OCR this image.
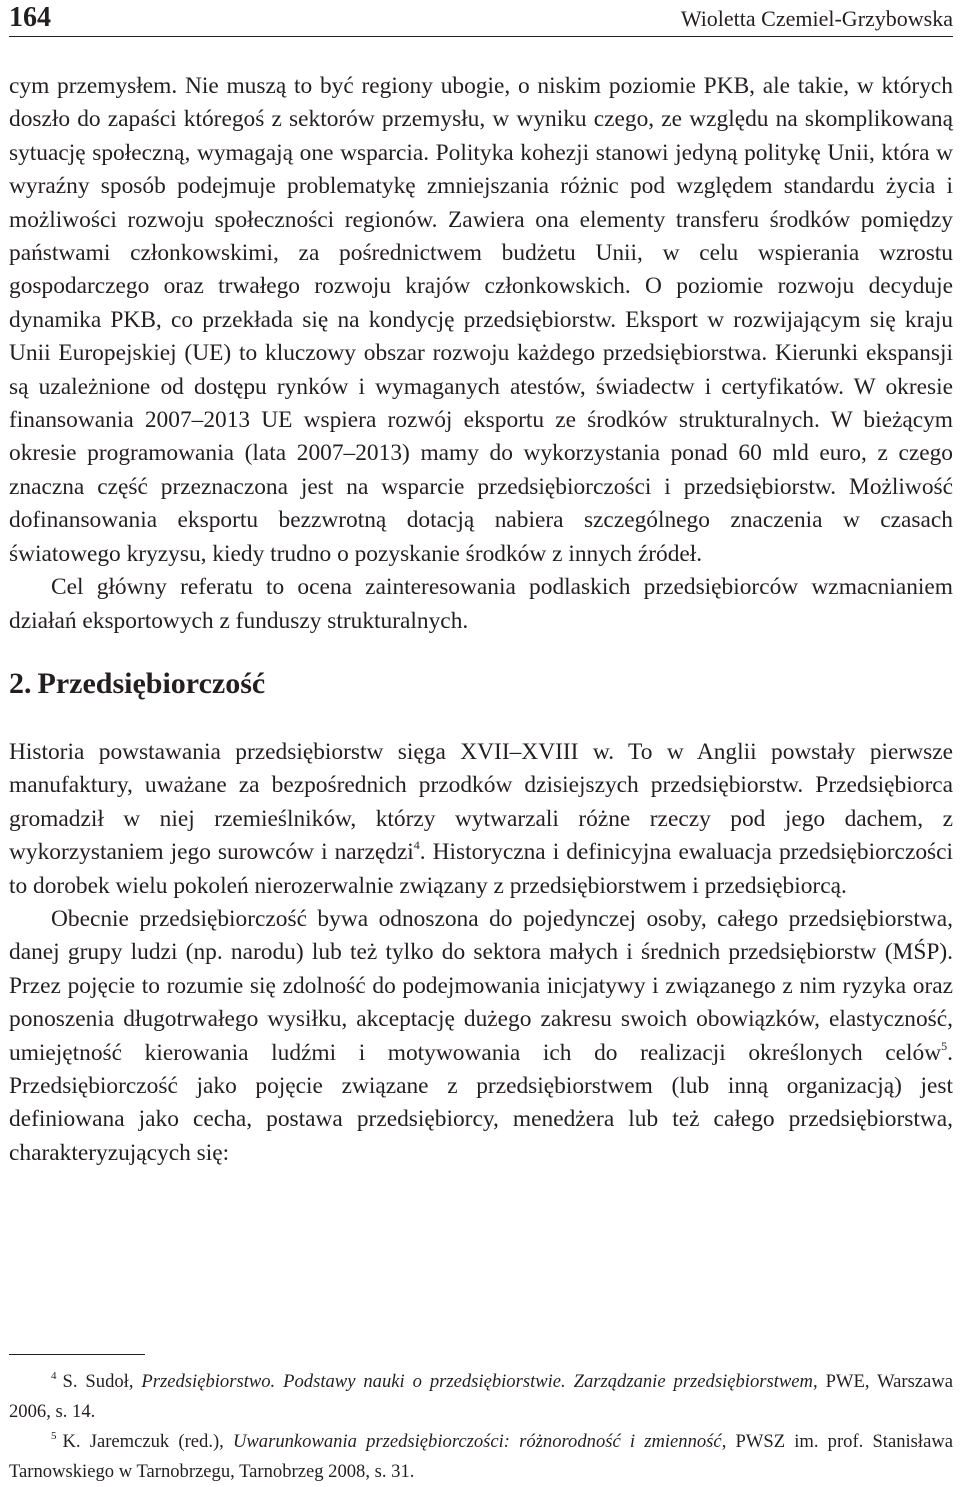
164	Wioletta Czemiel-Grzybowska

cym przemysłem. Nie muszą to być regiony ubogie, o niskim poziomie PKB, ale takie, w których doszło do zapaści któregoś z sektorów przemysłu, w wyniku czego, ze względu na skomplikowaną sytuację społeczną, wymagają one wsparcia. Polityka kohezji stanowi jedyną politykę Unii, która w wyraźny sposób podejmuje problematykę zmniejszania różnic pod względem standardu życia i możliwości rozwoju społeczności regionów. Zawiera ona elementy transferu środków pomiędzy państwami członkowskimi, za pośrednictwem budżetu Unii, w celu wspierania wzrostu gospodarczego oraz trwałego rozwoju krajów członkowskich. O poziomie rozwoju decyduje dynamika PKB, co przekłada się na kondycję przedsiębiorstw. Eksport w rozwijającym się kraju Unii Europejskiej (UE) to kluczowy obszar rozwoju każdego przedsiębiorstwa. Kierunki ekspansji są uzależnione od dostępu rynków i wymaganych atestów, świadectw i certyfikatów. W okresie finansowania 2007–2013 UE wspiera rozwój eksportu ze środków strukturalnych. W bieżącym okresie programowania (lata 2007–2013) mamy do wykorzystania ponad 60 mld euro, z czego znaczna część przeznaczona jest na wsparcie przedsiębiorczości i przedsiębiorstw. Możliwość dofinansowania eksportu bezzwrotną dotacją nabiera szczególnego znaczenia w czasach światowego kryzysu, kiedy trudno o pozyskanie środków z innych źródeł.

Cel główny referatu to ocena zainteresowania podlaskich przedsiębiorców wzmacnianiem działań eksportowych z funduszy strukturalnych.

2. Przedsiębiorczość

Historia powstawania przedsiębiorstw sięga XVII–XVIII w. To w Anglii powstały pierwsze manufaktury, uważane za bezpośrednich przodków dzisiejszych przedsiębiorstw. Przedsiębiorca gromadził w niej rzemieślników, którzy wytwarzali różne rzeczy pod jego dachem, z wykorzystaniem jego surowców i narzędzi$^4$. Historyczna i definicyjna ewaluacja przedsiębiorczości to dorobek wielu pokoleń nierozerwalnie związany z przedsiębiorstwem i przedsiębiorcą.

Obecnie przedsiębiorczość bywa odnoszona do pojedynczej osoby, całego przedsiębiorstwa, danej grupy ludzi (np. narodu) lub też tylko do sektora małych i średnich przedsiębiorstw (MŚP). Przez pojęcie to rozumie się zdolność do podejmowania inicjatywy i związanego z nim ryzyka oraz ponoszenia długotrwałego wysiłku, akceptację dużego zakresu swoich obowiązków, elastyczność, umiejętność kierowania ludźmi i motywowania ich do realizacji określonych celów$^5$. Przedsiębiorczość jako pojęcie związane z przedsiębiorstwem (lub inną organizacją) jest definiowana jako cecha, postawa przedsiębiorcy, menedżera lub też całego przedsiębiorstwa, charakteryzujących się:

$^4$ S. Sudoł, Przedsiębiorstwo. Podstawy nauki o przedsiębiorstwie. Zarządzanie przedsiębiorstwem, PWE, Warszawa 2006, s. 14.

$^5$ K. Jaremczuk (red.), Uwarunkowania przedsiębiorczości: różnorodność i zmienność, PWSZ im. prof. Stanisława Tarnowskiego w Tarnobrzegu, Tarnobrzeg 2008, s. 31.
